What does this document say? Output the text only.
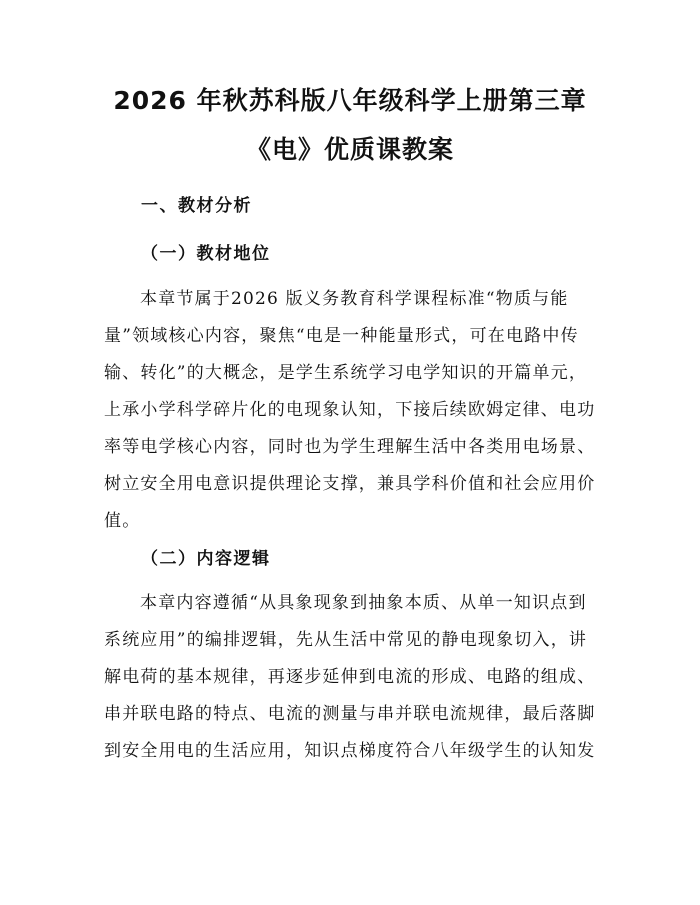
2026 年秋苏科版八年级科学上册第三章
《电》优质课教案
一、教材分析
（一）教材地位

本章节属于2026 版义务教育科学课程标准“物质与能
量”领域核心内容，聚焦“电是一种能量形式，可在电路中传
输、转化”的大概念，是学生系统学习电学知识的开篇单元，
上承小学科学碎片化的电现象认知，下接后续欧姆定律、电功
率等电学核心内容，同时也为学生理解生活中各类用电场景、
树立安全用电意识提供理论支撑，兼具学科价值和社会应用价
值。

（二）内容逻辑

本章内容遵循“从具象现象到抽象本质、从单一知识点到
系统应用”的编排逻辑，先从生活中常见的静电现象切入，讲
解电荷的基本规律，再逐步延伸到电流的形成、电路的组成、
串并联电路的特点、电流的测量与串并联电流规律，最后落脚
到安全用电的生活应用，知识点梯度符合八年级学生的认知发
